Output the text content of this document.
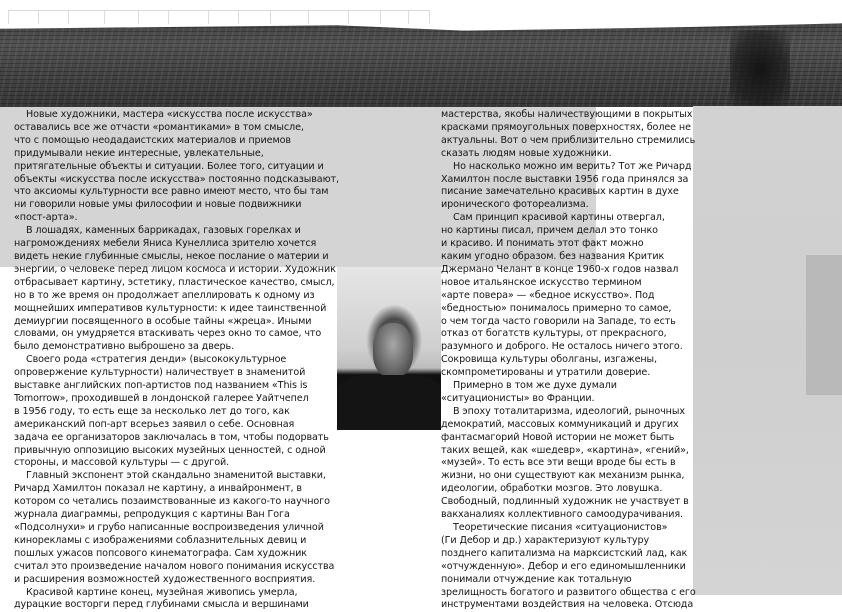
Новые художники, мастера «искусства после искусства»
оставались все же отчасти «романтиками» в том смысле,
что с помощью неодадаистских материалов и приемов
придумывали некие интересные, увлекательные,
притягательные объекты и ситуации. Более того, ситуации и
объекты «искусства после искусства» постоянно подсказывают,
что аксиомы культурности все равно имеют место, что бы там
ни говорили новые умы философии и новые подвижники
«пост-арта».
В лошадях, каменных баррикадах, газовых горелках и
нагромождениях мебели Яниса Кунеллиса зрителю хочется
видеть некие глубинные смыслы, некое послание о материи и
энергии, о человеке перед лицом космоса и истории. Художник
отбрасывает картину, эстетику, пластическое качество, смысл,
но в то же время он продолжает апеллировать к одному из
мощнейших императивов культурности: к идее таинственной
демиургии посвященного в особые тайны «жреца». Иными
словами, он умудряется втаскивать через окно то самое, что
было демонстративно выброшено за дверь.
Своего рода «стратегия денди» (высококультурное
опровержение культурности) наличествует в знаменитой
выставке английских поп-артистов под названием «This is
Tomorrow», проходившей в лондонской галерее Уайтчепел
в 1956 году, то есть еще за несколько лет до того, как
американский поп-арт всерьез заявил о себе. Основная
задача ее организаторов заключалась в том, чтобы подорвать
привычную оппозицию высоких музейных ценностей, с одной
стороны, и массовой культуры — с другой.
Главный экспонент этой скандально знаменитой выставки,
Ричард Хамилтон показал не картину, а инвайронмент, в
котором со четались позаимствованные из какого-то научного
журнала диаграммы, репродукция с картины Ван Гога
«Подсолнухи» и грубо написанные воспроизведения уличной
кинорекламы с изображениями соблазнительных девиц и
пошлых ужасов попсового кинематографа. Сам художник
считал это произведение началом нового понимания искусства
и расширения возможностей художественного восприятия.
Красивой картине конец, музейная живопись умерла,
дурацкие восторги перед глубинами смысла и вершинами
мастерства, якобы наличествующими в покрытых
красками прямоугольных поверхностях, более не
актуальны. Вот о чем приблизительно стремились
сказать людям новые художники.
Но насколько можно им верить? Тот же Ричард
Хамилтон после выставки 1956 года принялся за
писание замечательно красивых картин в духе
иронического фотореализма.
Сам принцип красивой картины отвергал,
но картины писал, причем делал это тонко
и красиво. И понимать этот факт можно
каким угодно образом. без названия Критик
Джермано Челант в конце 1960-х годов назвал
новое итальянское искусство термином
«арте повера» — «бедное искусство». Под
«бедностью» понималось примерно то самое,
о чем тогда часто говорили на Западе, то есть
отказ от богатств культуры, от прекрасного,
разумного и доброго. Не осталось ничего этого.
Сокровища культуры оболганы, изгажены,
скомпрометированы и утратили доверие.
Примерно в том же духе думали
«ситуационисты» во Франции.
В эпоху тоталитаризма, идеологий, рыночных
демократий, массовых коммуникаций и других
фантасмагорий Новой истории не может быть
таких вещей, как «шедевр», «картина», «гений»,
«музей». То есть все эти вещи вроде бы есть в
жизни, но они существуют как механизм рынка,
идеологии, обработки мозгов. Это ловушка.
Свободный, подлинный художник не участвует в
вакханалиях коллективного самоодурачивания.
Теоретические писания «ситуационистов»
(Ги Дебор и др.) характеризуют культуру
позднего капитализма на марксистский лад, как
«отчужденную». Дебор и его единомышленники
понимали отчуждение как тотальную
зрелищность богатого и развитого общества с его
инструментами воздействия на человека. Отсюда
